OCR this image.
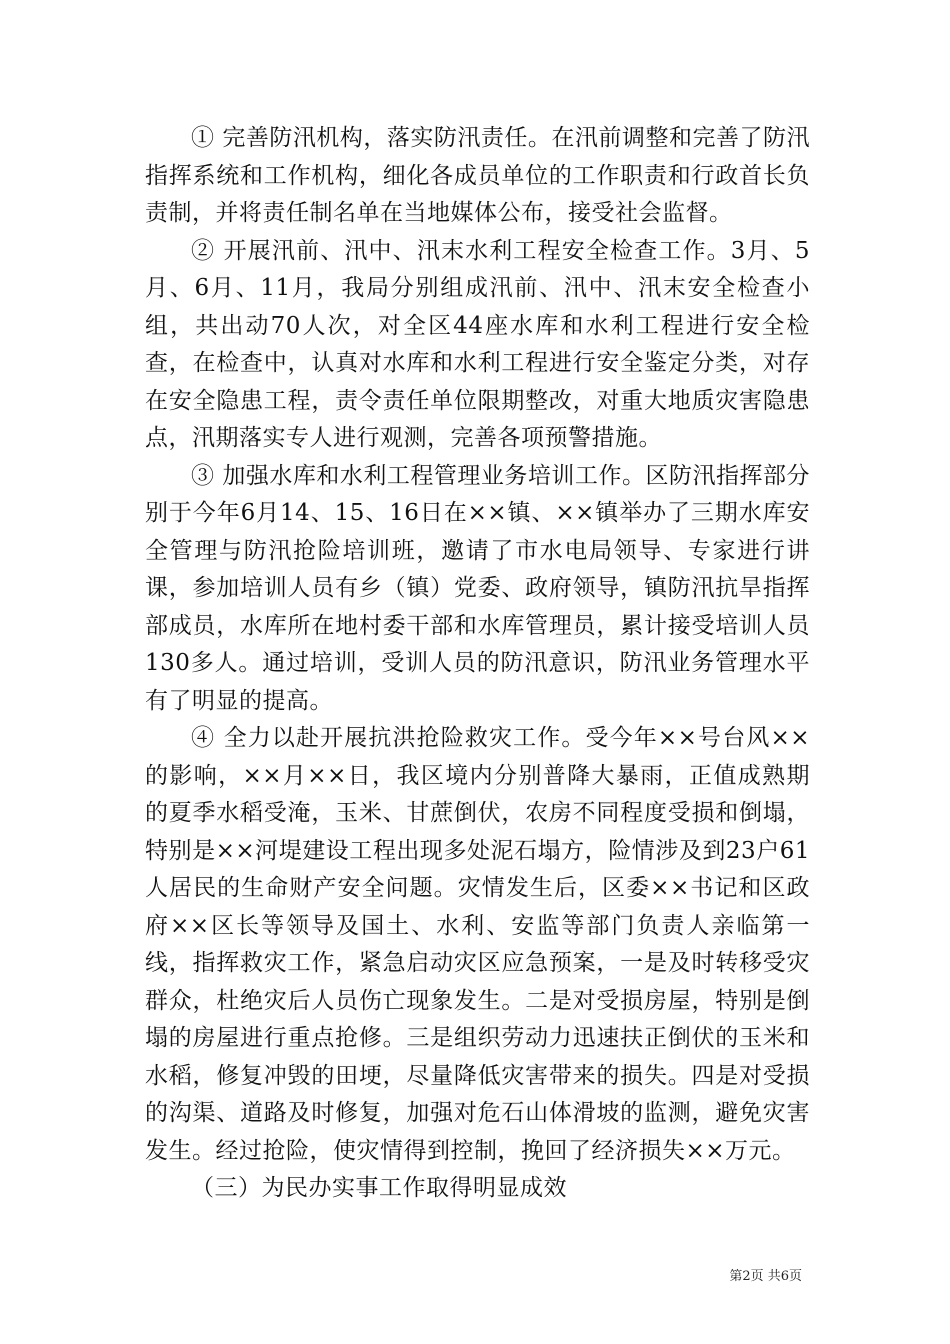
① 完善防汛机构，落实防汛责任。在汛前调整和完善了防汛指挥系统和工作机构，细化各成员单位的工作职责和行政首长负责制，并将责任制名单在当地媒体公布，接受社会监督。

② 开展汛前、汛中、汛末水利工程安全检查工作。3月、5月、6月、11月，我局分别组成汛前、汛中、汛末安全检查小组，共出动70人次，对全区44座水库和水利工程进行安全检查，在检查中，认真对水库和水利工程进行安全鉴定分类，对存在安全隐患工程，责令责任单位限期整改，对重大地质灾害隐患点，汛期落实专人进行观测，完善各项预警措施。

③ 加强水库和水利工程管理业务培训工作。区防汛指挥部分别于今年6月14、15、16日在××镇、××镇举办了三期水库安全管理与防汛抢险培训班，邀请了市水电局领导、专家进行讲课，参加培训人员有乡（镇）党委、政府领导，镇防汛抗旱指挥部成员，水库所在地村委干部和水库管理员，累计接受培训人员130多人。通过培训，受训人员的防汛意识，防汛业务管理水平有了明显的提高。

④ 全力以赴开展抗洪抢险救灾工作。受今年××号台风××的影响，××月××日，我区境内分别普降大暴雨，正值成熟期的夏季水稻受淹，玉米、甘蔗倒伏，农房不同程度受损和倒塌，特别是××河堤建设工程出现多处泥石塌方，险情涉及到23户61人居民的生命财产安全问题。灾情发生后，区委××书记和区政府××区长等领导及国土、水利、安监等部门负责人亲临第一线，指挥救灾工作，紧急启动灾区应急预案，一是及时转移受灾群众，杜绝灾后人员伤亡现象发生。二是对受损房屋，特别是倒塌的房屋进行重点抢修。三是组织劳动力迅速扶正倒伏的玉米和水稻，修复冲毁的田埂，尽量降低灾害带来的损失。四是对受损的沟渠、道路及时修复，加强对危石山体滑坡的监测，避免灾害发生。经过抢险，使灾情得到控制，挽回了经济损失××万元。

（三）为民办实事工作取得明显成效

第2页 共6页
